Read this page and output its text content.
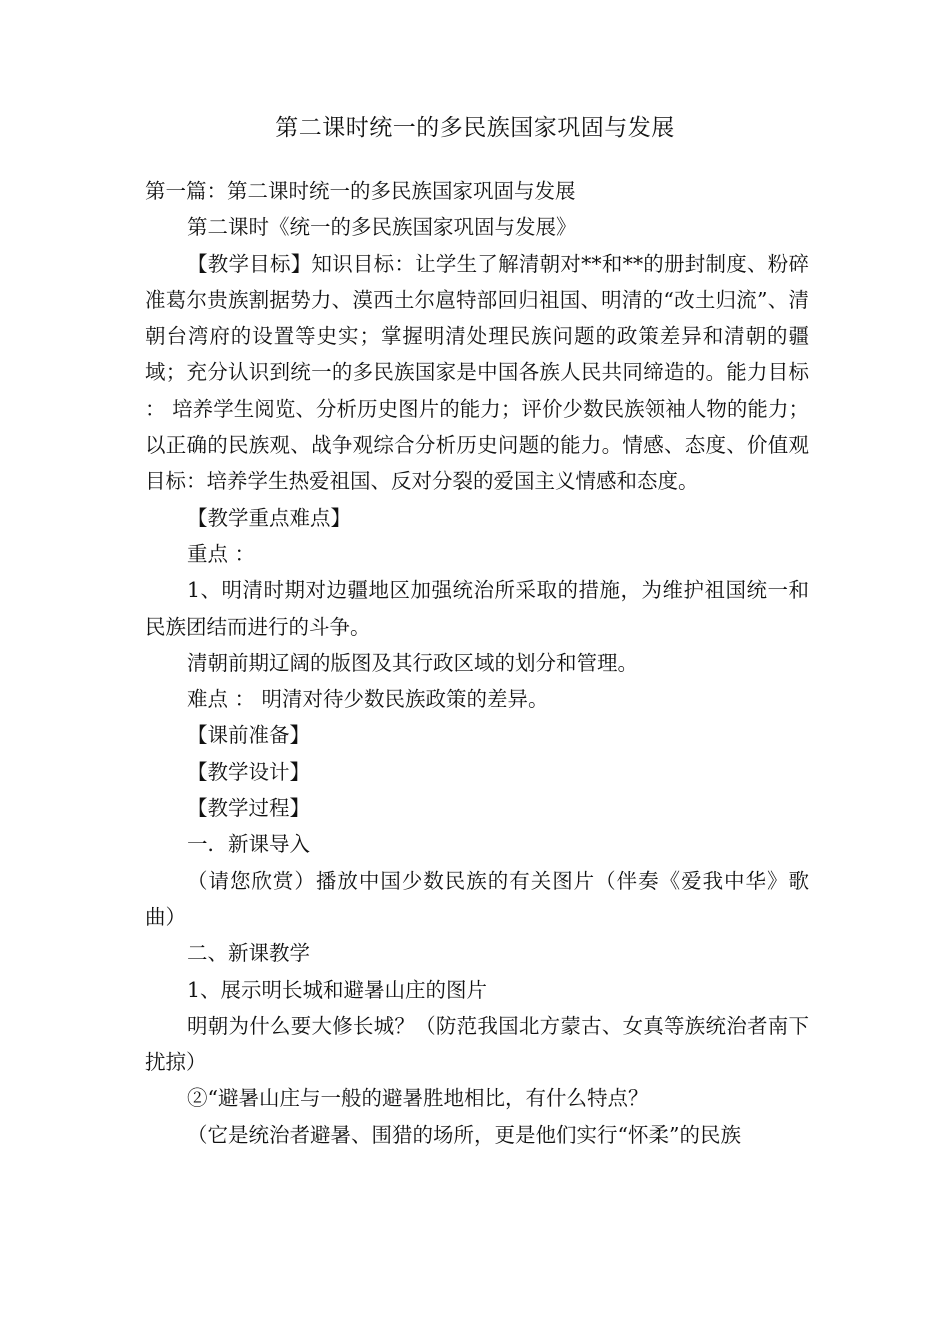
第二课时统一的多民族国家巩固与发展

第一篇：第二课时统一的多民族国家巩固与发展

第二课时《统一的多民族国家巩固与发展》

【教学目标】知识目标：让学生了解清朝对**和**的册封制度、粉碎准葛尔贵族割据势力、漠西土尔扈特部回归祖国、明清的“改土归流”、清朝台湾府的设置等史实；掌握明清处理民族问题的政策差异和清朝的疆域；充分认识到统一的多民族国家是中国各族人民共同缔造的。能力目标 ： 培养学生阅览、分析历史图片的能力；评价少数民族领袖人物的能力；以正确的民族观、战争观综合分析历史问题的能力。情感、态度、价值观目标：培养学生热爱祖国、反对分裂的爱国主义情感和态度。

【教学重点难点】

重点 ：

1、明清时期对边疆地区加强统治所采取的措施，为维护祖国统一和民族团结而进行的斗争。

清朝前期辽阔的版图及其行政区域的划分和管理。

难点 ： 明清对待少数民族政策的差异。

【课前准备】

【教学设计】

【教学过程】

一．新课导入

（请您欣赏）播放中国少数民族的有关图片（伴奏《爱我中华》歌曲）

二、新课教学

1、展示明长城和避暑山庄的图片

明朝为什么要大修长城？（防范我国北方蒙古、女真等族统治者南下扰掠）

②“避暑山庄与一般的避暑胜地相比，有什么特点？

（它是统治者避暑、围猎的场所，更是他们实行“怀柔”的民族
